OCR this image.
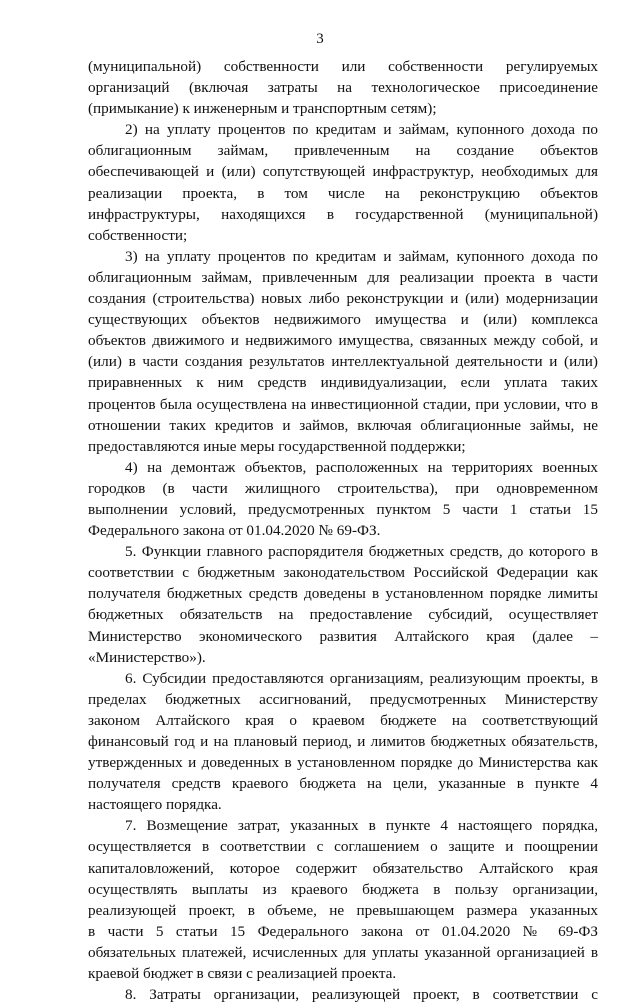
3
(муниципальной) собственности или собственности регулируемых
организаций (включая затраты на технологическое присоединение
(примыкание) к инженерным и транспортным сетям);
2) на уплату процентов по кредитам и займам, купонного дохода по
облигационным займам, привлеченным на создание объектов
обеспечивающей и (или) сопутствующей инфраструктур, необходимых для
реализации проекта, в том числе на реконструкцию объектов
инфраструктуры, находящихся в государственной (муниципальной)
собственности;
3) на уплату процентов по кредитам и займам, купонного дохода по
облигационным займам, привлеченным для реализации проекта в части
создания (строительства) новых либо реконструкции и (или) модернизации
существующих объектов недвижимого имущества и (или) комплекса
объектов движимого и недвижимого имущества, связанных между собой, и
(или) в части создания результатов интеллектуальной деятельности и (или)
приравненных к ним средств индивидуализации, если уплата таких
процентов была осуществлена на инвестиционной стадии, при условии, что в
отношении таких кредитов и займов, включая облигационные займы, не
предоставляются иные меры государственной поддержки;
4) на демонтаж объектов, расположенных на территориях военных
городков (в части жилищного строительства), при одновременном
выполнении условий, предусмотренных пунктом 5 части 1 статьи 15
Федерального закона от 01.04.2020 № 69-ФЗ.
5. Функции главного распорядителя бюджетных средств, до которого в
соответствии с бюджетным законодательством Российской Федерации как
получателя бюджетных средств доведены в установленном порядке лимиты
бюджетных обязательств на предоставление субсидий, осуществляет
Министерство экономического развития Алтайского края (далее –
«Министерство»).
6. Субсидии предоставляются организациям, реализующим проекты, в
пределах бюджетных ассигнований, предусмотренных Министерству
законом Алтайского края о краевом бюджете на соответствующий
финансовый год и на плановый период, и лимитов бюджетных обязательств,
утвержденных и доведенных в установленном порядке до Министерства как
получателя средств краевого бюджета на цели, указанные в пункте 4
настоящего порядка.
7. Возмещение затрат, указанных в пункте 4 настоящего порядка,
осуществляется в соответствии с соглашением о защите и поощрении
капиталовложений, которое содержит обязательство Алтайского края
осуществлять выплаты из краевого бюджета в пользу организации,
реализующей проект, в объеме, не превышающем размера указанных
в части 5 статьи 15 Федерального закона от 01.04.2020 № 69-ФЗ
обязательных платежей, исчисленных для уплаты указанной организацией в
краевой бюджет в связи с реализацией проекта.
8. Затраты организации, реализующей проект, в соответствии с
